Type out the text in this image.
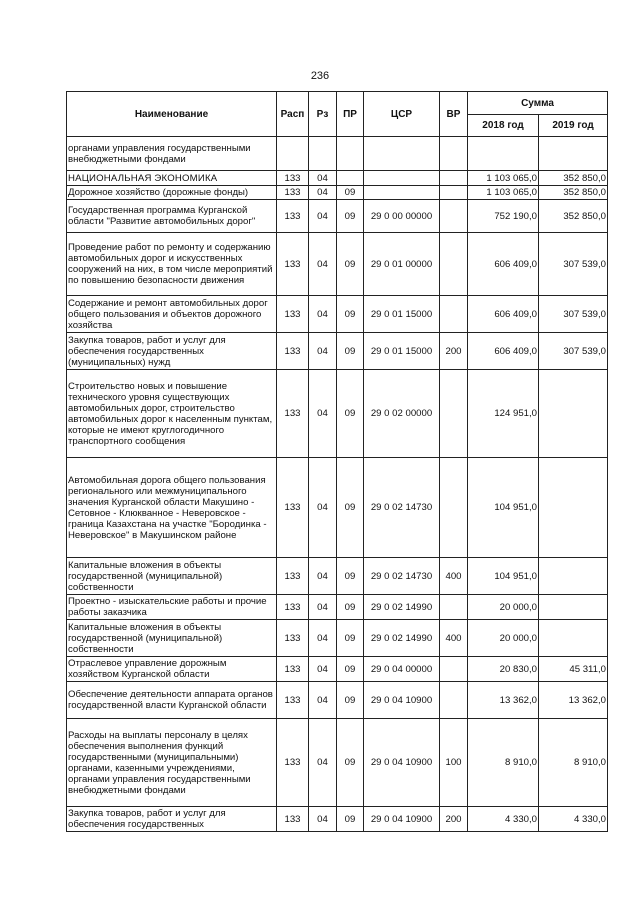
236
Наименование	Расп	Рз	ПР	ЦСР	ВР	Сумма	
						2018 год	2019 год
органами управления государственными внебюджетными фондами							
НАЦИОНАЛЬНАЯ ЭКОНОМИКА	133	04				1 103 065,0	352 850,0
Дорожное хозяйство (дорожные фонды)	133	04	09			1 103 065,0	352 850,0
Государственная программа Курганской области "Развитие автомобильных дорог"	133	04	09	29 0 00 00000		752 190,0	352 850,0
Проведение работ по ремонту и содержанию автомобильных дорог и искусственных сооружений на них, в том числе мероприятий по повышению безопасности движения	133	04	09	29 0 01 00000		606 409,0	307 539,0
Содержание и ремонт автомобильных дорог общего пользования и объектов дорожного хозяйства	133	04	09	29 0 01 15000		606 409,0	307 539,0
Закупка товаров, работ и услуг для обеспечения государственных (муниципальных) нужд	133	04	09	29 0 01 15000	200	606 409,0	307 539,0
Строительство новых и повышение технического уровня существующих автомобильных дорог, строительство автомобильных дорог к населенным пунктам, которые не имеют круглогодичного транспортного сообщения	133	04	09	29 0 02 00000		124 951,0	
Автомобильная дорога общего пользования регионального или межмуниципального значения Курганской области Макушино - Сетовное - Клюкванное - Неверовское - граница Казахстана на участке "Бородинка - Неверовское" в Макушинском районе	133	04	09	29 0 02 14730		104 951,0	
Капитальные вложения в объекты государственной (муниципальной) собственности	133	04	09	29 0 02 14730	400	104 951,0	
Проектно - изыскательские работы и прочие работы заказчика	133	04	09	29 0 02 14990		20 000,0	
Капитальные вложения в объекты государственной (муниципальной) собственности	133	04	09	29 0 02 14990	400	20 000,0	
Отраслевое управление дорожным хозяйством Курганской области	133	04	09	29 0 04 00000		20 830,0	45 311,0
Обеспечение деятельности аппарата органов государственной власти Курганской области	133	04	09	29 0 04 10900		13 362,0	13 362,0
Расходы на выплаты персоналу в целях обеспечения выполнения функций государственными (муниципальными) органами, казенными учреждениями, органами управления государственными внебюджетными фондами	133	04	09	29 0 04 10900	100	8 910,0	8 910,0
Закупка товаров, работ и услуг для обеспечения государственных	133	04	09	29 0 04 10900	200	4 330,0	4 330,0
